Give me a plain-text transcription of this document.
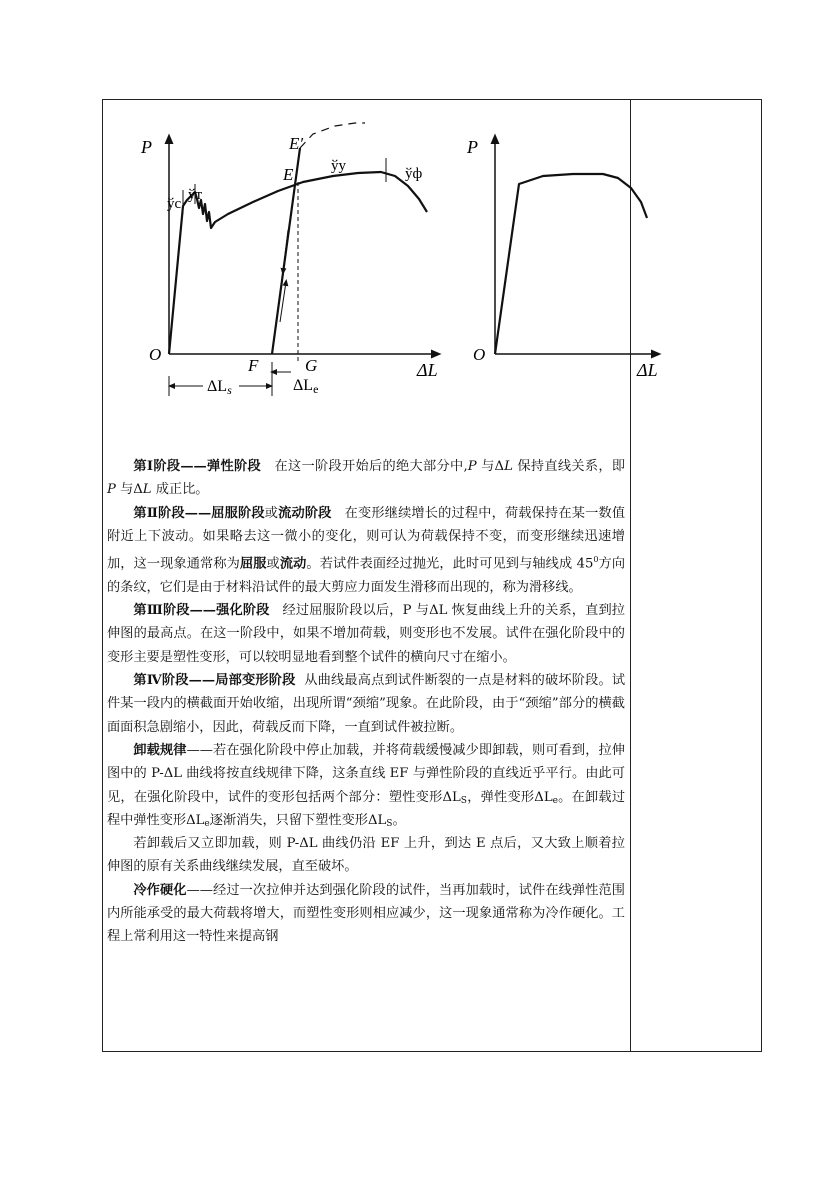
P
O
ΔL
E′
E
F	G
ўc
ўт
ўy	ўф
ΔLs	ΔLe
P
O
ΔL

第Ⅰ阶段——弹性阶段 在这一阶段开始后的绝大部分中,P 与ΔL 保持直线关系，即 P 与ΔL 成正比。

第Ⅱ阶段——屈服阶段或流动阶段 在变形继续增长的过程中，荷载保持在某一数值附近上下波动。如果略去这一微小的变化，则可认为荷载保持不变，而变形继续迅速增加，这一现象通常称为屈服或流动。若试件表面经过抛光，此时可见到与轴线成 $45^0$方向的条纹，它们是由于材料沿试件的最大剪应力面发生滑移而出现的，称为滑移线。

第Ⅲ阶段——强化阶段 经过屈服阶段以后，P 与ΔL 恢复曲线上升的关系，直到拉伸图的最高点。在这一阶段中，如果不增加荷载，则变形也不发展。试件在强化阶段中的变形主要是塑性变形，可以较明显地看到整个试件的横向尺寸在缩小。

第Ⅳ阶段——局部变形阶段 从曲线最高点到试件断裂的一点是材料的破坏阶段。试件某一段内的横截面开始收缩，出现所谓“颈缩”现象。在此阶段，由于“颈缩”部分的横截面面积急剧缩小，因此，荷载反而下降，一直到试件被拉断。

卸载规律——若在强化阶段中停止加载，并将荷载缓慢减少即卸载，则可看到，拉伸图中的 P-ΔL 曲线将按直线规律下降，这条直线 EF 与弹性阶段的直线近乎平行。由此可见，在强化阶段中，试件的变形包括两个部分：塑性变形$\Delta L_S$，弹性变形$\Delta L_e$。在卸载过程中弹性变形$\Delta L_e$逐渐消失，只留下塑性变形$\Delta L_S$。

若卸载后又立即加载，则 P-ΔL 曲线仍沿 EF 上升，到达 E 点后，又大致上顺着拉伸图的原有关系曲线继续发展，直至破坏。

冷作硬化——经过一次拉伸并达到强化阶段的试件，当再加载时，试件在线弹性范围内所能承受的最大荷载将增大，而塑性变形则相应减少，这一现象通常称为冷作硬化。工程上常利用这一特性来提高钢
